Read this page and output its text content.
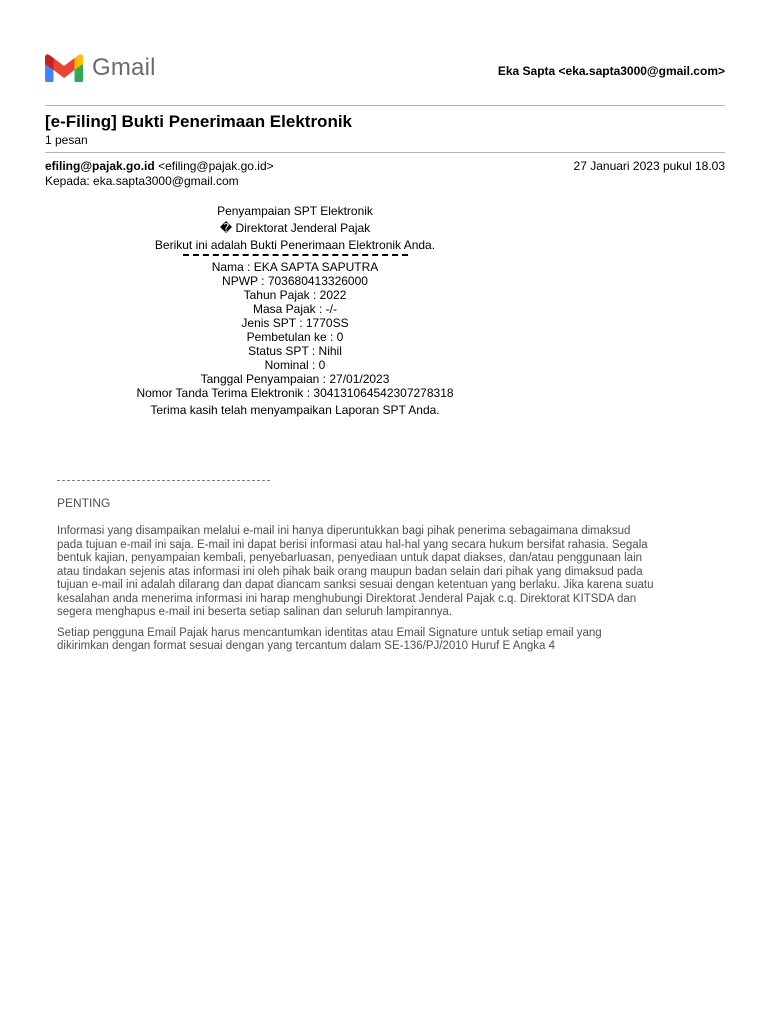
Gmail	Eka Sapta <eka.sapta3000@gmail.com>
[e-Filing] Bukti Penerimaan Elektronik
1 pesan
efiling@pajak.go.id <efiling@pajak.go.id>	27 Januari 2023 pukul 18.03
Kepada: eka.sapta3000@gmail.com
Penyampaian SPT Elektronik
� Direktorat Jenderal Pajak
Berikut ini adalah Bukti Penerimaan Elektronik Anda.
Nama : EKA SAPTA SAPUTRA
NPWP : 703680413326000
Tahun Pajak : 2022
Masa Pajak : -/-
Jenis SPT : 1770SS
Pembetulan ke : 0
Status SPT : Nihil
Nominal : 0
Tanggal Penyampaian : 27/01/2023
Nomor Tanda Terima Elektronik : 304131064542307278318
Terima kasih telah menyampaikan Laporan SPT Anda.
PENTING

Informasi yang disampaikan melalui e-mail ini hanya diperuntukkan bagi pihak penerima sebagaimana dimaksud
pada tujuan e-mail ini saja. E-mail ini dapat berisi informasi atau hal-hal yang secara hukum bersifat rahasia. Segala
bentuk kajian, penyampaian kembali, penyebarluasan, penyediaan untuk dapat diakses, dan/atau penggunaan lain
atau tindakan sejenis atas informasi ini oleh pihak baik orang maupun badan selain dari pihak yang dimaksud pada
tujuan e-mail ini adalah dilarang dan dapat diancam sanksi sesuai dengan ketentuan yang berlaku. Jika karena suatu
kesalahan anda menerima informasi ini harap menghubungi Direktorat Jenderal Pajak c.q. Direktorat KITSDA dan
segera menghapus e-mail ini beserta setiap salinan dan seluruh lampirannya.

Setiap pengguna Email Pajak harus mencantumkan identitas atau Email Signature untuk setiap email yang
dikirimkan dengan format sesuai dengan yang tercantum dalam SE-136/PJ/2010 Huruf E Angka 4
